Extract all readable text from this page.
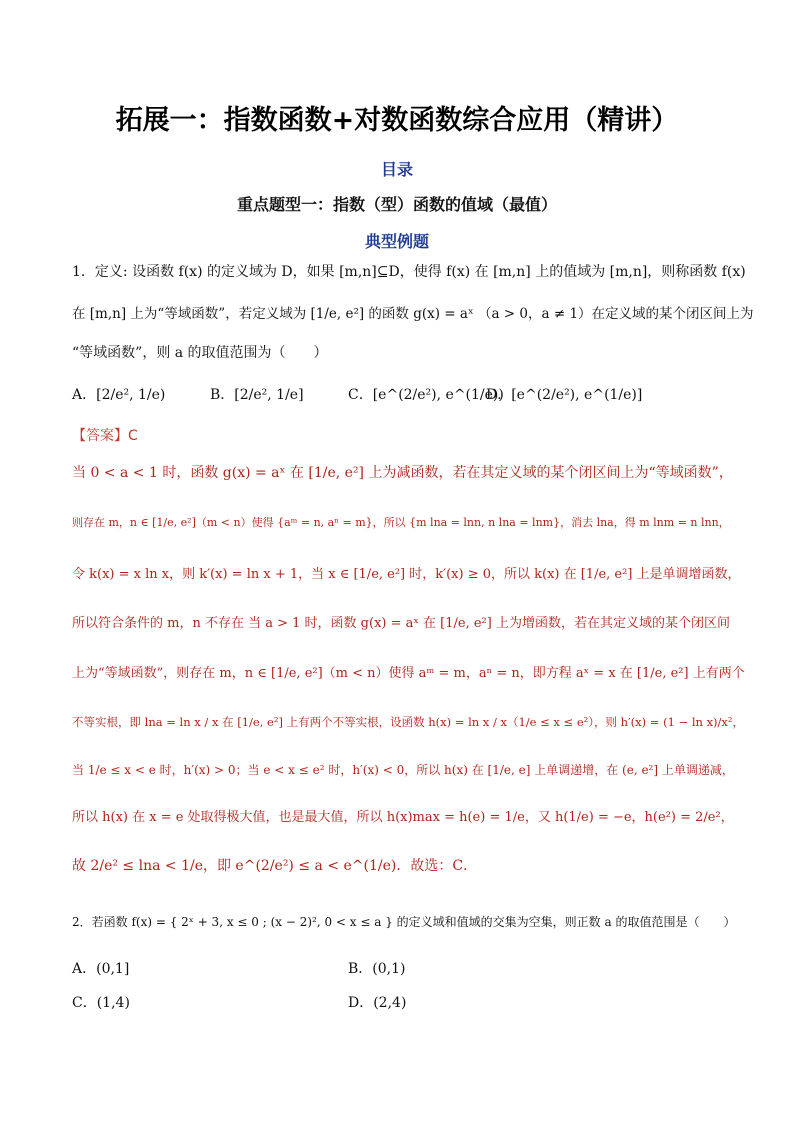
拓展一：指数函数+对数函数综合应用（精讲）
目录
重点题型一：指数（型）函数的值域（最值）
典型例题
1．定义: 设函数 f(x) 的定义域为 D，如果 [m,n]⊆D，使得 f(x) 在 [m,n] 上的值域为 [m,n]，则称函数 f(x)
在 [m,n] 上为“等域函数”，若定义域为 [1/e, e²] 的函数 g(x) = aˣ （a > 0，a ≠ 1）在定义域的某个闭区间上为
“等域函数”，则 a 的取值范围为（　　）
A．[2/e², 1/e)	B．[2/e², 1/e]	C．[e^(2/e²), e^(1/e))
D．[e^(2/e²), e^(1/e)]
【答案】C
当 0 < a < 1 时，函数 g(x) = aˣ 在 [1/e, e²] 上为减函数，若在其定义域的某个闭区间上为“等域函数”，
则存在 m，n ∈ [1/e, e²]（m < n）使得 {aᵐ = n, aⁿ = m}，所以 {m lna = lnn, n lna = lnm}，消去 lna，得 m lnm = n lnn，
令 k(x) = x ln x，则 k′(x) = ln x + 1，当 x ∈ [1/e, e²] 时，k′(x) ≥ 0，所以 k(x) 在 [1/e, e²] 上是单调增函数，
所以符合条件的 m，n 不存在 当 a > 1 时，函数 g(x) = aˣ 在 [1/e, e²] 上为增函数，若在其定义域的某个闭区间
上为“等域函数”，则存在 m，n ∈ [1/e, e²]（m < n）使得 aᵐ = m，aⁿ = n，即方程 aˣ = x 在 [1/e, e²] 上有两个
不等实根，即 lna = ln x / x 在 [1/e, e²] 上有两个不等实根，设函数 h(x) = ln x / x（1/e ≤ x ≤ e²），则 h′(x) = (1 − ln x)/x²，
当 1/e ≤ x < e 时，h′(x) > 0；当 e < x ≤ e² 时，h′(x) < 0，所以 h(x) 在 [1/e, e] 上单调递增，在 (e, e²] 上单调递减，
所以 h(x) 在 x = e 处取得极大值，也是最大值，所以 h(x)max = h(e) = 1/e，又 h(1/e) = −e，h(e²) = 2/e²，
故 2/e² ≤ lna < 1/e，即 e^(2/e²) ≤ a < e^(1/e)．故选：C．
2．若函数 f(x) = { 2ˣ + 3, x ≤ 0 ; (x − 2)², 0 < x ≤ a } 的定义域和值域的交集为空集，则正数 a 的取值范围是（　　）
A．(0,1]	B．(0,1)
C．(1,4)	D．(2,4)
